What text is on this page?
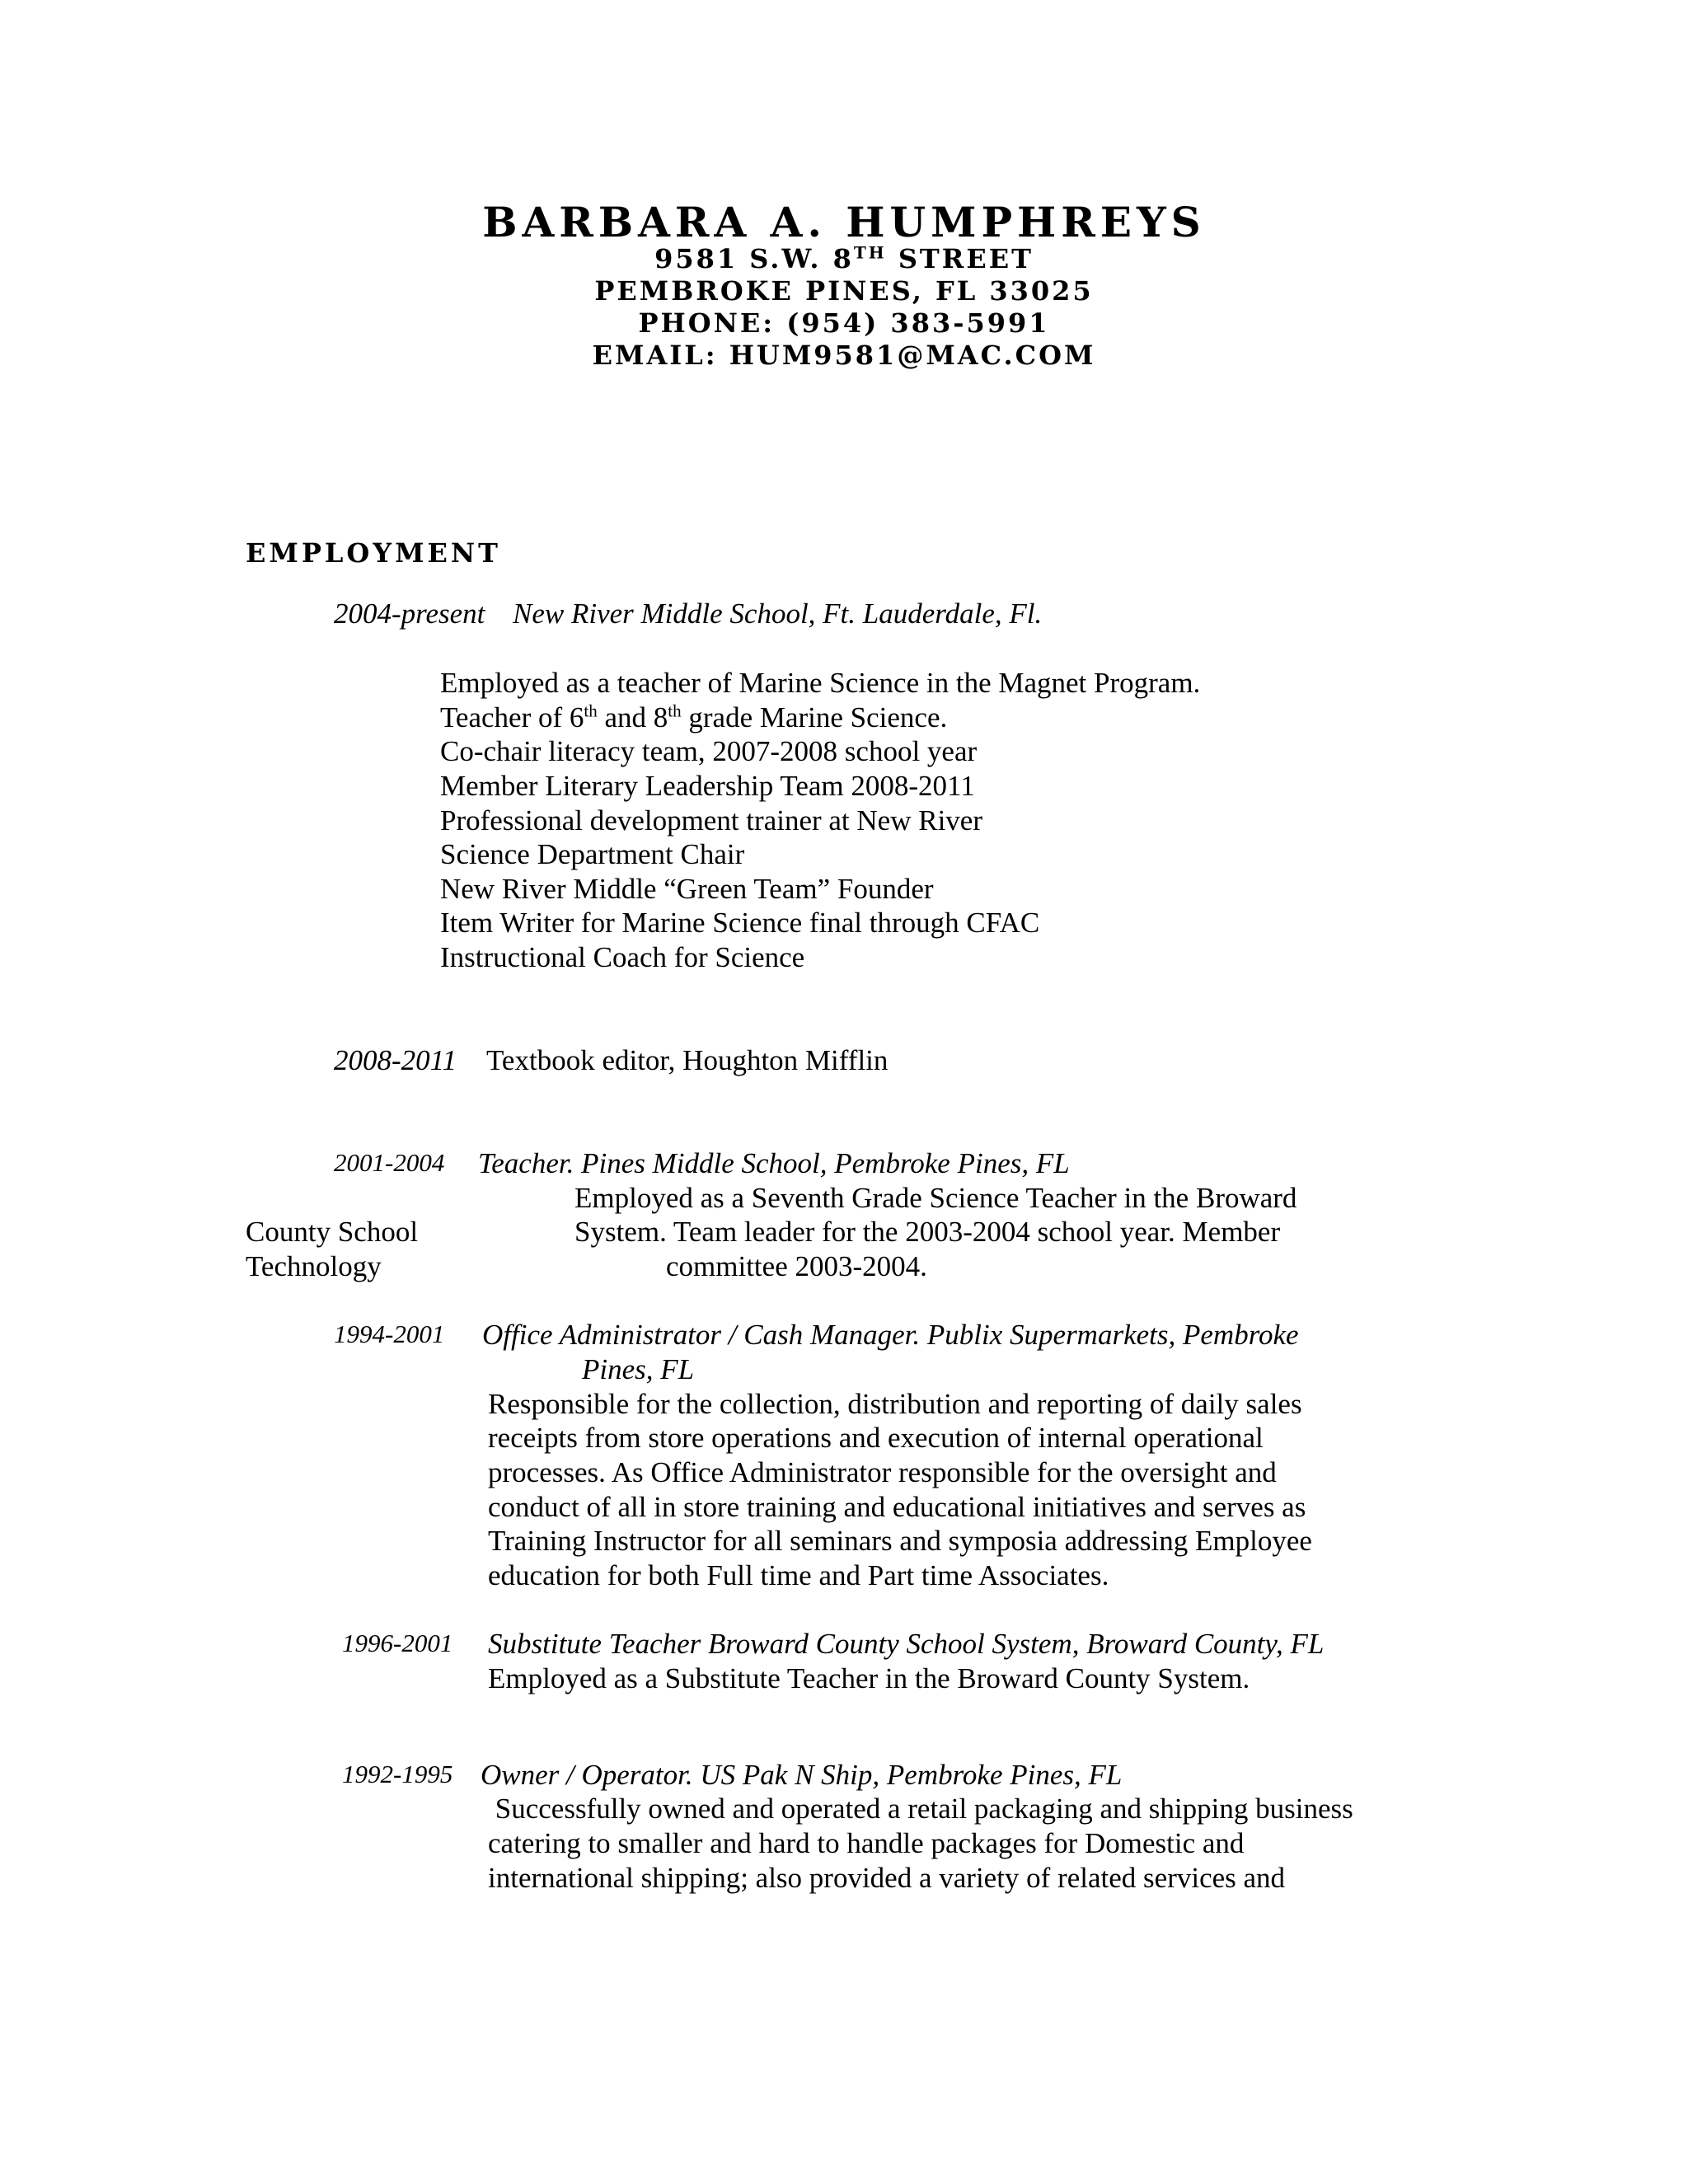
BARBARA A. HUMPHREYS
9581 S.W. 8TH STREET
PEMBROKE PINES, FL 33025
PHONE: (954) 383-5991
EMAIL: HUM9581@MAC.COM
EMPLOYMENT
2004-present New River Middle School, Ft. Lauderdale, Fl.
Employed as a teacher of Marine Science in the Magnet Program.
Teacher of 6th and 8th grade Marine Science.
Co-chair literacy team, 2007-2008 school year
Member Literary Leadership Team 2008-2011
Professional development trainer at New River
Science Department Chair
New River Middle “Green Team” Founder
Item Writer for Marine Science final through CFAC
Instructional Coach for Science
2008-2011 Textbook editor, Houghton Mifflin
2001-2004 Teacher. Pines Middle School, Pembroke Pines, FL
Employed as a Seventh Grade Science Teacher in the Broward
County School	System. Team leader for the 2003-2004 school year. Member
Technology	committee 2003-2004.
1994-2001 Office Administrator / Cash Manager. Publix Supermarkets, Pembroke
Pines, FL
Responsible for the collection, distribution and reporting of daily sales
receipts from store operations and execution of internal operational
processes. As Office Administrator responsible for the oversight and
conduct of all in store training and educational initiatives and serves as
Training Instructor for all seminars and symposia addressing Employee
education for both Full time and Part time Associates.
1996-2001 Substitute Teacher Broward County School System, Broward County, FL
Employed as a Substitute Teacher in the Broward County System.
1992-1995 Owner / Operator. US Pak N Ship, Pembroke Pines, FL
Successfully owned and operated a retail packaging and shipping business
catering to smaller and hard to handle packages for Domestic and
international shipping; also provided a variety of related services and
